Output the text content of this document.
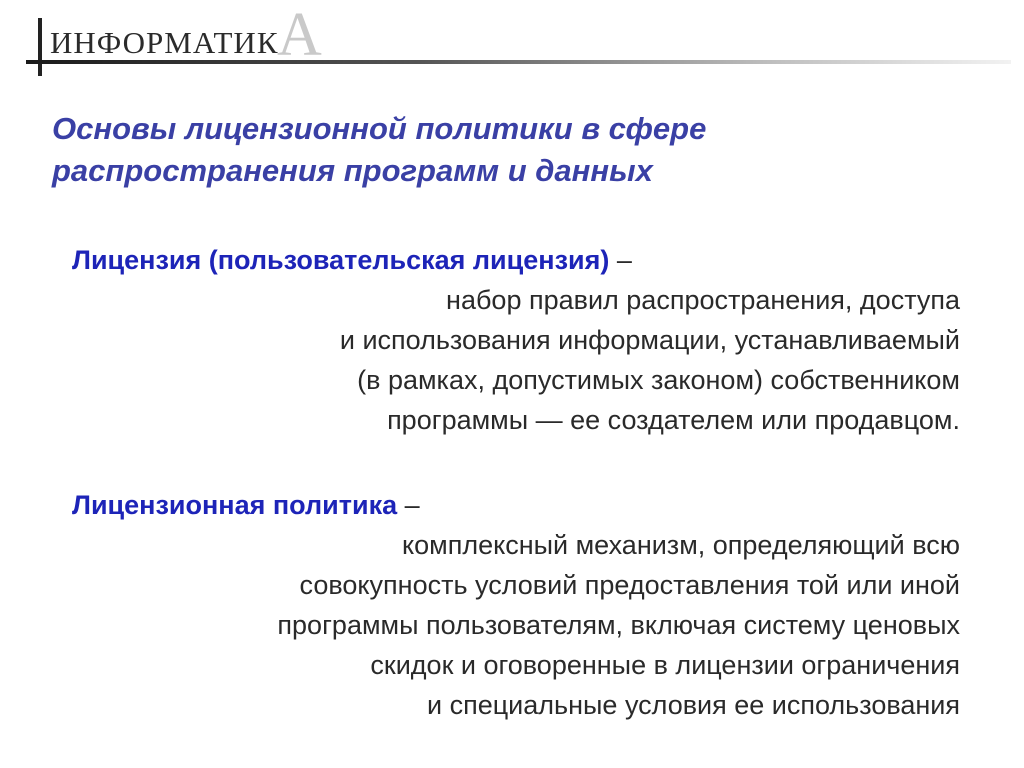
ИНФОРМАТИК
А
Основы лицензионной политики в сфере
распространения программ и данных
Лицензия (пользовательская лицензия) –

набор правил распространения, доступа
и использования информации, устанавливаемый
(в рамках, допустимых законом) собственником
программы — ее создателем или продавцом.

Лицензионная политика –

комплексный механизм, определяющий всю
совокупность условий предоставления той или иной
программы пользователям, включая систему ценовых
скидок и оговоренные в лицензии ограничения
и специальные условия ее использования
